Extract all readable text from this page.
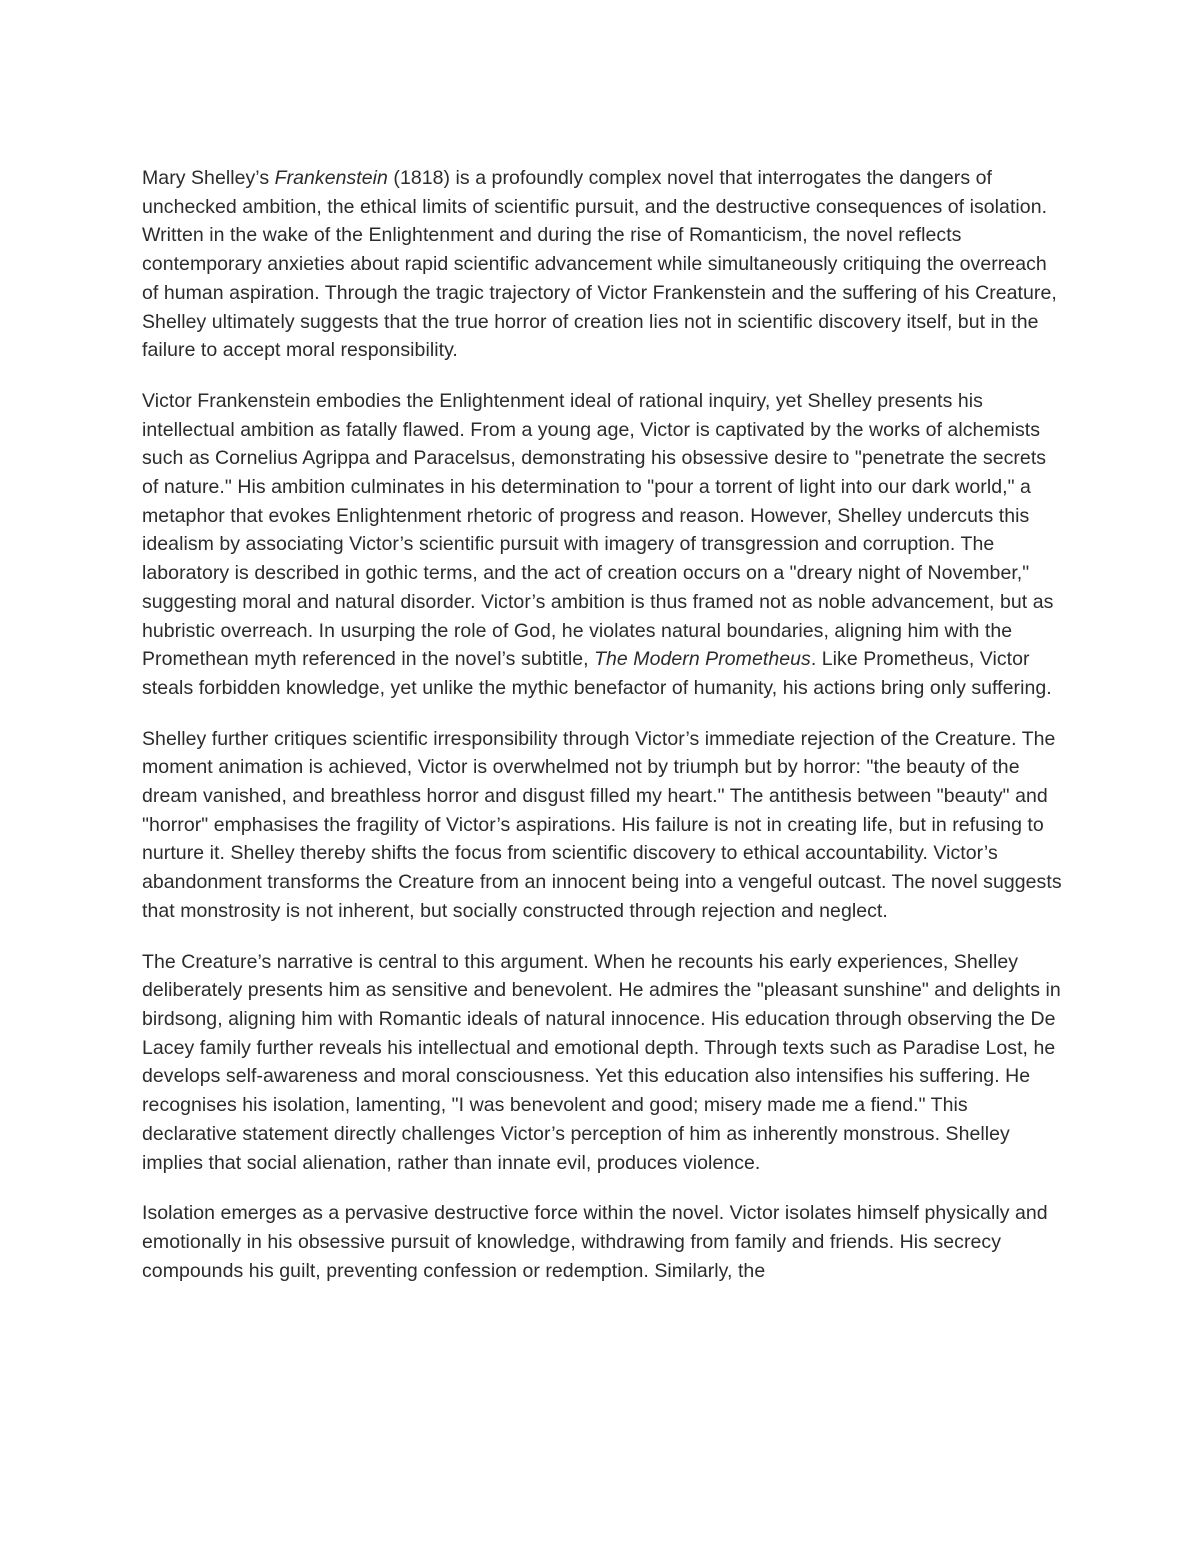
Mary Shelley’s Frankenstein (1818) is a profoundly complex novel that interrogates the dangers of unchecked ambition, the ethical limits of scientific pursuit, and the destructive consequences of isolation. Written in the wake of the Enlightenment and during the rise of Romanticism, the novel reflects contemporary anxieties about rapid scientific advancement while simultaneously critiquing the overreach of human aspiration. Through the tragic trajectory of Victor Frankenstein and the suffering of his Creature, Shelley ultimately suggests that the true horror of creation lies not in scientific discovery itself, but in the failure to accept moral responsibility.

Victor Frankenstein embodies the Enlightenment ideal of rational inquiry, yet Shelley presents his intellectual ambition as fatally flawed. From a young age, Victor is captivated by the works of alchemists such as Cornelius Agrippa and Paracelsus, demonstrating his obsessive desire to "penetrate the secrets of nature." His ambition culminates in his determination to "pour a torrent of light into our dark world," a metaphor that evokes Enlightenment rhetoric of progress and reason. However, Shelley undercuts this idealism by associating Victor’s scientific pursuit with imagery of transgression and corruption. The laboratory is described in gothic terms, and the act of creation occurs on a "dreary night of November," suggesting moral and natural disorder. Victor’s ambition is thus framed not as noble advancement, but as hubristic overreach. In usurping the role of God, he violates natural boundaries, aligning him with the Promethean myth referenced in the novel’s subtitle, The Modern Prometheus. Like Prometheus, Victor steals forbidden knowledge, yet unlike the mythic benefactor of humanity, his actions bring only suffering.

Shelley further critiques scientific irresponsibility through Victor’s immediate rejection of the Creature. The moment animation is achieved, Victor is overwhelmed not by triumph but by horror: "the beauty of the dream vanished, and breathless horror and disgust filled my heart." The antithesis between "beauty" and "horror" emphasises the fragility of Victor’s aspirations. His failure is not in creating life, but in refusing to nurture it. Shelley thereby shifts the focus from scientific discovery to ethical accountability. Victor’s abandonment transforms the Creature from an innocent being into a vengeful outcast. The novel suggests that monstrosity is not inherent, but socially constructed through rejection and neglect.

The Creature’s narrative is central to this argument. When he recounts his early experiences, Shelley deliberately presents him as sensitive and benevolent. He admires the "pleasant sunshine" and delights in birdsong, aligning him with Romantic ideals of natural innocence. His education through observing the De Lacey family further reveals his intellectual and emotional depth. Through texts such as Paradise Lost, he develops self-awareness and moral consciousness. Yet this education also intensifies his suffering. He recognises his isolation, lamenting, "I was benevolent and good; misery made me a fiend." This declarative statement directly challenges Victor’s perception of him as inherently monstrous. Shelley implies that social alienation, rather than innate evil, produces violence.

Isolation emerges as a pervasive destructive force within the novel. Victor isolates himself physically and emotionally in his obsessive pursuit of knowledge, withdrawing from family and friends. His secrecy compounds his guilt, preventing confession or redemption. Similarly, the
